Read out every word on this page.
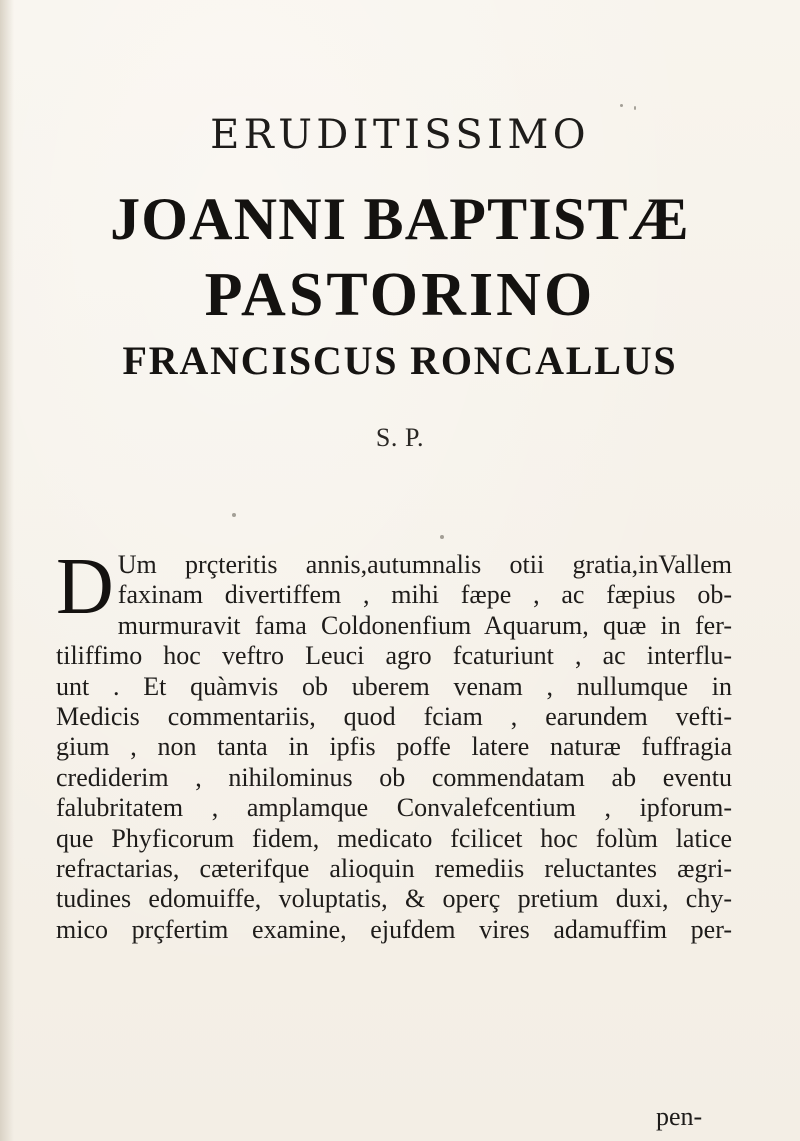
ERUDITISSIMO
JOANNI BAPTISTÆ
PASTORINO
FRANCISCUS RONCALLUS
S. P.
D Um prçteritis annis,autumnalis otii gratia,inVallem
faxinam divertiffem , mihi fæpe , ac fæpius ob-
murmuravit fama Coldonenfium Aquarum, quæ in fer-
tiliffimo hoc veftro Leuci agro fcaturiunt , ac interflu-
unt . Et quàmvis ob uberem venam , nullumque in
Medicis commentariis, quod fciam , earundem vefti-
gium , non tanta in ipfis poffe latere naturæ fuffragia
crediderim , nihilominus ob commendatam ab eventu
falubritatem , amplamque Convalefcentium , ipforum-
que Phyficorum fidem, medicato fcilicet hoc folùm latice
refractarias, cæterifque alioquin remediis reluctantes ægri-
tudines edomuiffe, voluptatis, & operç pretium duxi, chy-
mico prçfertim examine, ejufdem vires adamuffim per-
pen-
